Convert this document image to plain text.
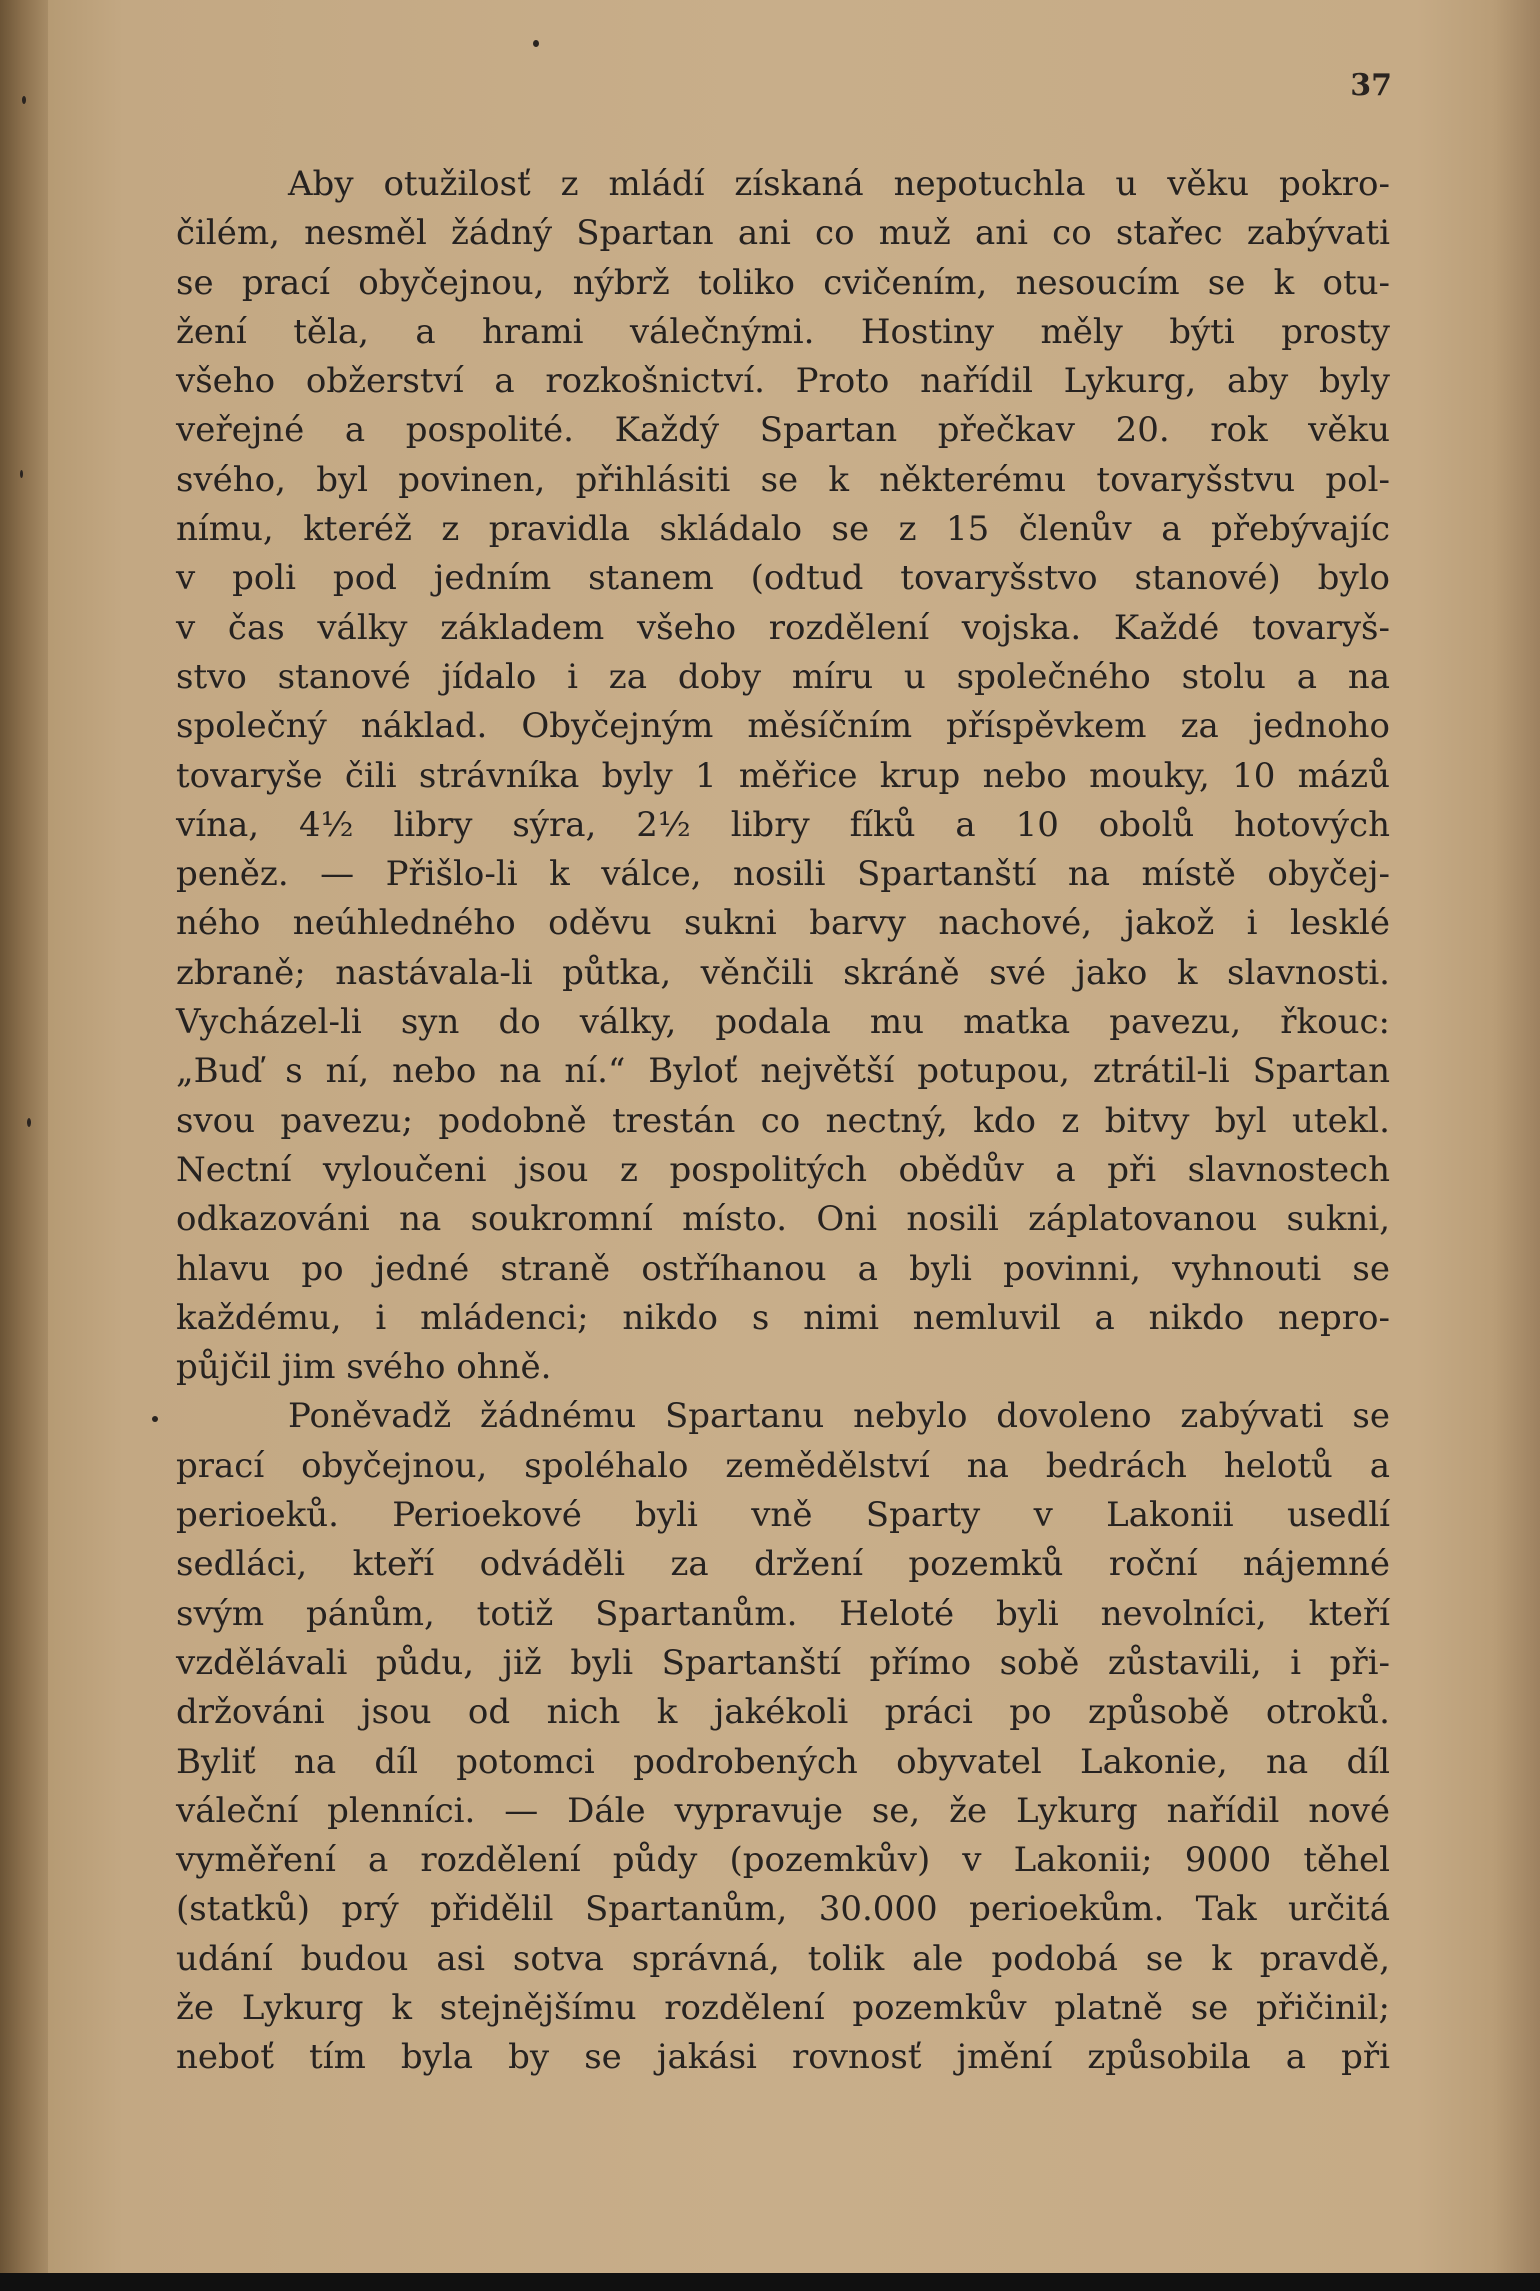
37
Aby otužilosť z mládí získaná nepotuchla u věku pokro-
čilém, nesměl žádný Spartan ani co muž ani co stařec zabývati
se prací obyčejnou, nýbrž toliko cvičením, nesoucím se k otu-
žení těla, a hrami válečnými. Hostiny měly býti prosty
všeho obžerství a rozkošnictví. Proto nařídil Lykurg, aby byly
veřejné a pospolité. Každý Spartan přečkav 20. rok věku
svého, byl povinen, přihlásiti se k některému tovaryšstvu pol-
nímu, kteréž z pravidla skládalo se z 15 členův a přebývajíc
v poli pod jedním stanem (odtud tovaryšstvo stanové) bylo
v čas války základem všeho rozdělení vojska. Každé tovaryš-
stvo stanové jídalo i za doby míru u společného stolu a na
společný náklad. Obyčejným měsíčním příspěvkem za jednoho
tovaryše čili strávníka byly 1 měřice krup nebo mouky, 10 mázů
vína, 4½ libry sýra, 2½ libry fíků a 10 obolů hotových
peněz. — Přišlo-li k válce, nosili Spartanští na místě obyčej-
ného neúhledného oděvu sukni barvy nachové, jakož i lesklé
zbraně; nastávala-li půtka, věnčili skráně své jako k slavnosti.
Vycházel-li syn do války, podala mu matka pavezu, řkouc:
„Buď s ní, nebo na ní.“ Byloť největší potupou, ztrátil-li Spartan
svou pavezu; podobně trestán co nectný, kdo z bitvy byl utekl.
Nectní vyloučeni jsou z pospolitých obědův a při slavnostech
odkazováni na soukromní místo. Oni nosili záplatovanou sukni,
hlavu po jedné straně ostříhanou a byli povinni, vyhnouti se
každému, i mládenci; nikdo s nimi nemluvil a nikdo nepro-
půjčil jim svého ohně.
Poněvadž žádnému Spartanu nebylo dovoleno zabývati se
prací obyčejnou, spoléhalo zemědělství na bedrách helotů a
perioeků. Perioekové byli vně Sparty v Lakonii usedlí
sedláci, kteří odváděli za držení pozemků roční nájemné
svým pánům, totiž Spartanům. Heloté byli nevolníci, kteří
vzdělávali půdu, již byli Spartanští přímo sobě zůstavili, i při-
držováni jsou od nich k jakékoli práci po způsobě otroků.
Byliť na díl potomci podrobených obyvatel Lakonie, na díl
váleční plenníci. — Dále vypravuje se, že Lykurg nařídil nové
vyměření a rozdělení půdy (pozemkův) v Lakonii; 9000 těhel
(statků) prý přidělil Spartanům, 30.000 perioekům. Tak určitá
udání budou asi sotva správná, tolik ale podobá se k pravdě,
že Lykurg k stejnějšímu rozdělení pozemkův platně se přičinil;
neboť tím byla by se jakási rovnosť jmění způsobila a při
